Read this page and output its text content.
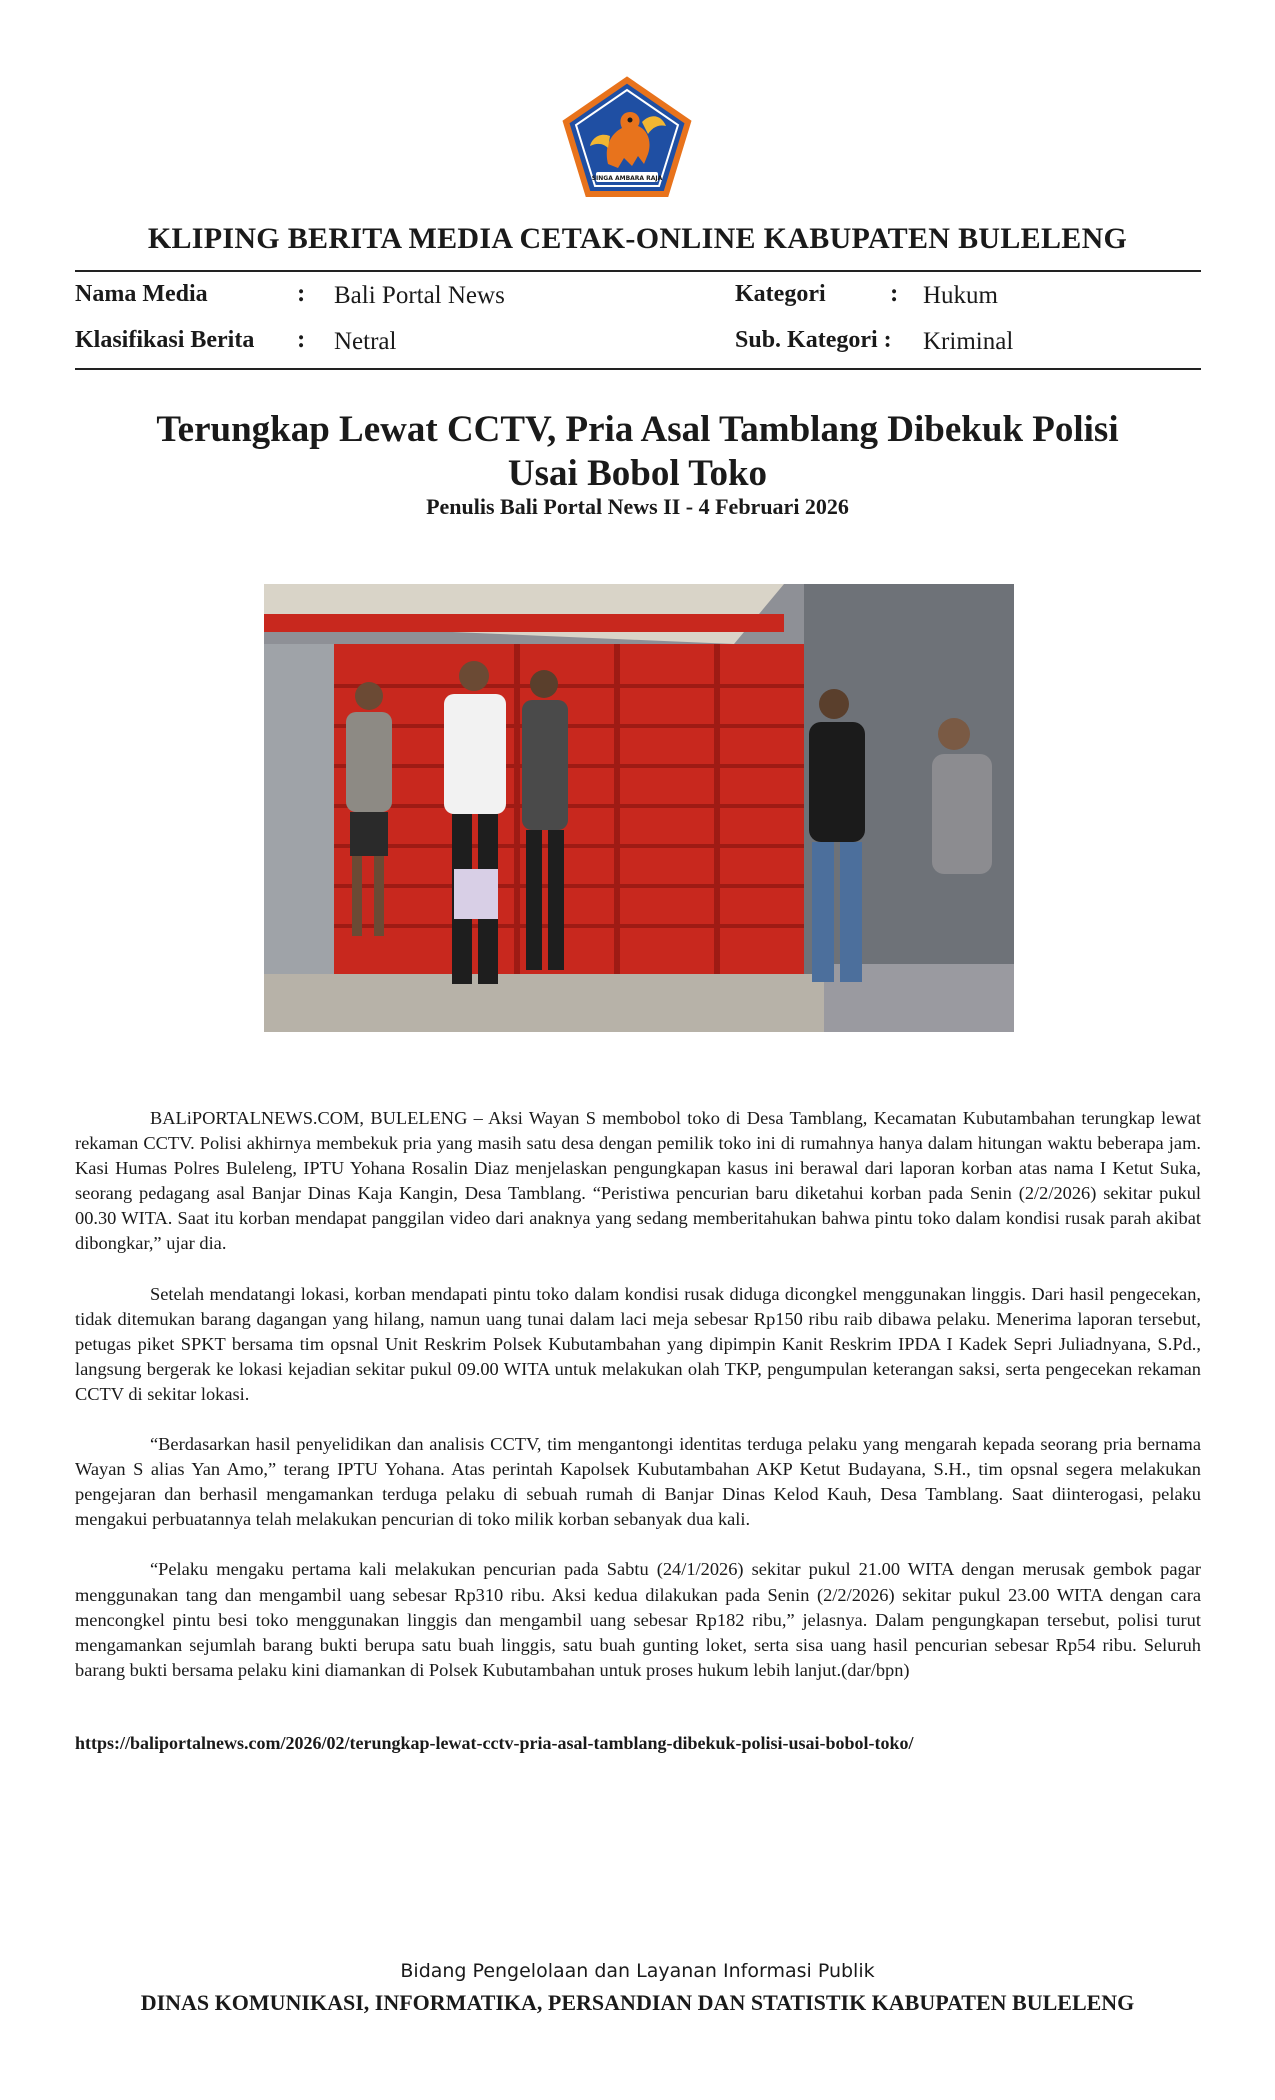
SINGA AMBARA RAJA
KLIPING BERITA MEDIA CETAK-ONLINE KABUPATEN BULELENG
Nama Media	: Bali Portal News	Kategori	: Hukum
Klasifikasi Berita : Netral	Sub. Kategori : Kriminal
Terungkap Lewat CCTV, Pria Asal Tamblang Dibekuk Polisi
Usai Bobol Toko
Penulis Bali Portal News II - 4 Februari 2026

BALiPORTALNEWS.COM, BULELENG – Aksi Wayan S membobol toko di Desa Tamblang, Kecamatan Kubutambahan terungkap lewat rekaman CCTV. Polisi akhirnya membekuk pria yang masih satu desa dengan pemilik toko ini di rumahnya hanya dalam hitungan waktu beberapa jam. Kasi Humas Polres Buleleng, IPTU Yohana Rosalin Diaz menjelaskan pengungkapan kasus ini berawal dari laporan korban atas nama I Ketut Suka, seorang pedagang asal Banjar Dinas Kaja Kangin, Desa Tamblang. “Peristiwa pencurian baru diketahui korban pada Senin (2/2/2026) sekitar pukul 00.30 WITA. Saat itu korban mendapat panggilan video dari anaknya yang sedang memberitahukan bahwa pintu toko dalam kondisi rusak parah akibat dibongkar,” ujar dia.

Setelah mendatangi lokasi, korban mendapati pintu toko dalam kondisi rusak diduga dicongkel menggunakan linggis. Dari hasil pengecekan, tidak ditemukan barang dagangan yang hilang, namun uang tunai dalam laci meja sebesar Rp150 ribu raib dibawa pelaku. Menerima laporan tersebut, petugas piket SPKT bersama tim opsnal Unit Reskrim Polsek Kubutambahan yang dipimpin Kanit Reskrim IPDA I Kadek Sepri Juliadnyana, S.Pd., langsung bergerak ke lokasi kejadian sekitar pukul 09.00 WITA untuk melakukan olah TKP, pengumpulan keterangan saksi, serta pengecekan rekaman CCTV di sekitar lokasi.

“Berdasarkan hasil penyelidikan dan analisis CCTV, tim mengantongi identitas terduga pelaku yang mengarah kepada seorang pria bernama Wayan S alias Yan Amo,” terang IPTU Yohana. Atas perintah Kapolsek Kubutambahan AKP Ketut Budayana, S.H., tim opsnal segera melakukan pengejaran dan berhasil mengamankan terduga pelaku di sebuah rumah di Banjar Dinas Kelod Kauh, Desa Tamblang. Saat diinterogasi, pelaku mengakui perbuatannya telah melakukan pencurian di toko milik korban sebanyak dua kali.

“Pelaku mengaku pertama kali melakukan pencurian pada Sabtu (24/1/2026) sekitar pukul 21.00 WITA dengan merusak gembok pagar menggunakan tang dan mengambil uang sebesar Rp310 ribu. Aksi kedua dilakukan pada Senin (2/2/2026) sekitar pukul 23.00 WITA dengan cara mencongkel pintu besi toko menggunakan linggis dan mengambil uang sebesar Rp182 ribu,” jelasnya. Dalam pengungkapan tersebut, polisi turut mengamankan sejumlah barang bukti berupa satu buah linggis, satu buah gunting loket, serta sisa uang hasil pencurian sebesar Rp54 ribu. Seluruh barang bukti bersama pelaku kini diamankan di Polsek Kubutambahan untuk proses hukum lebih lanjut.(dar/bpn)

https://baliportalnews.com/2026/02/terungkap-lewat-cctv-pria-asal-tamblang-dibekuk-polisi-usai-bobol-toko/
Bidang Pengelolaan dan Layanan Informasi Publik
DINAS KOMUNIKASI, INFORMATIKA, PERSANDIAN DAN STATISTIK KABUPATEN BULELENG
